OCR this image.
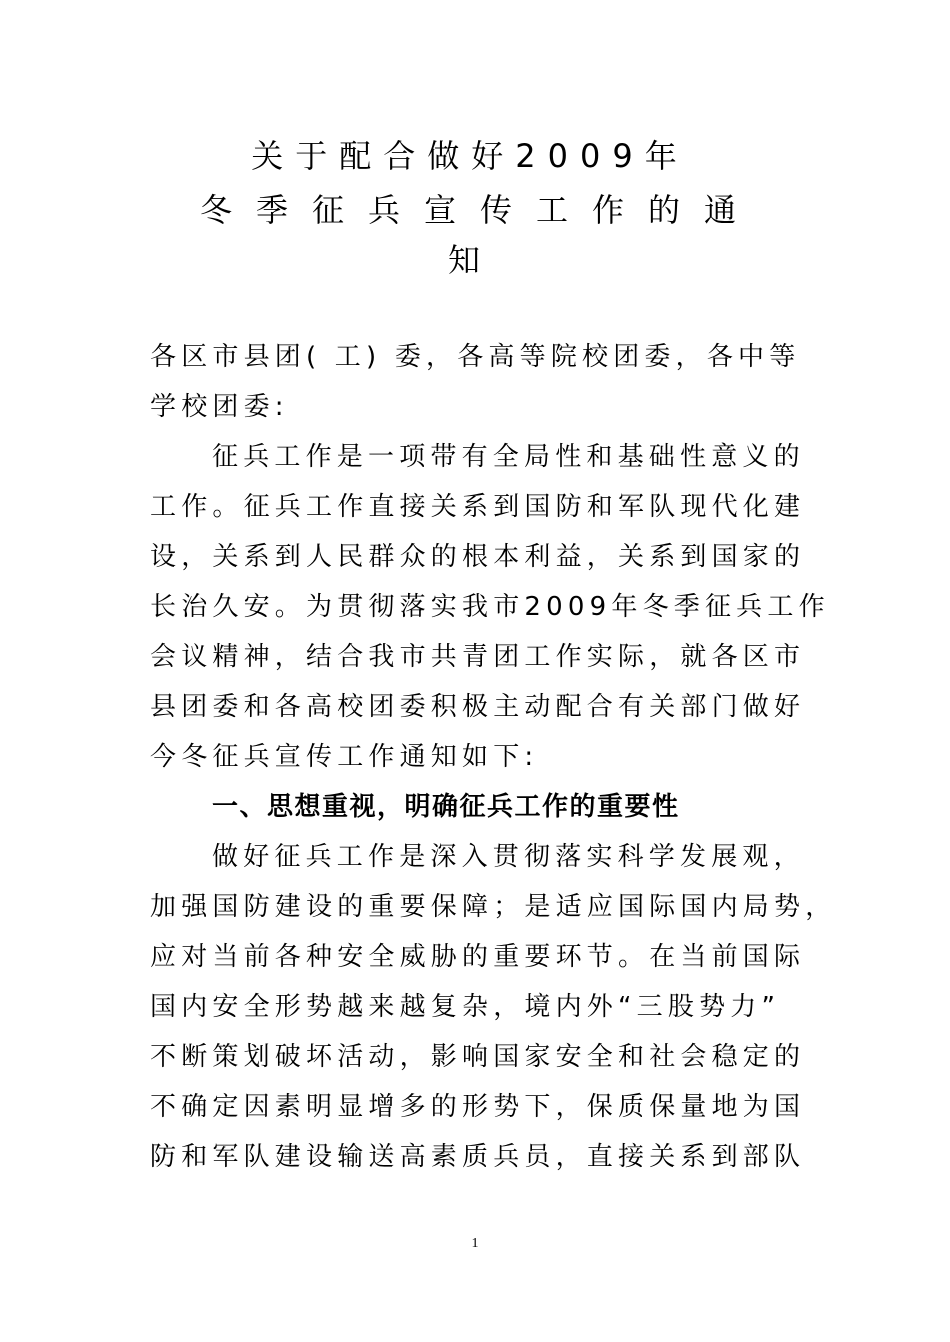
关于配合做好2009年
冬季征兵宣传工作的通
知
各区市县团( 工) 委，各高等院校团委，各中等
学校团委:
征兵工作是一项带有全局性和基础性意义的
工作。征兵工作直接关系到国防和军队现代化建
设，关系到人民群众的根本利益，关系到国家的
长治久安。为贯彻落实我市2009年冬季征兵工作
会议精神，结合我市共青团工作实际，就各区市
县团委和各高校团委积极主动配合有关部门做好
今冬征兵宣传工作通知如下:
一、思想重视，明确征兵工作的重要性
做好征兵工作是深入贯彻落实科学发展观，
加强国防建设的重要保障；是适应国际国内局势，
应对当前各种安全威胁的重要环节。在当前国际
国内安全形势越来越复杂，境内外“三股势力”
不断策划破坏活动，影响国家安全和社会稳定的
不确定因素明显增多的形势下，保质保量地为国
防和军队建设输送高素质兵员，直接关系到部队
1
